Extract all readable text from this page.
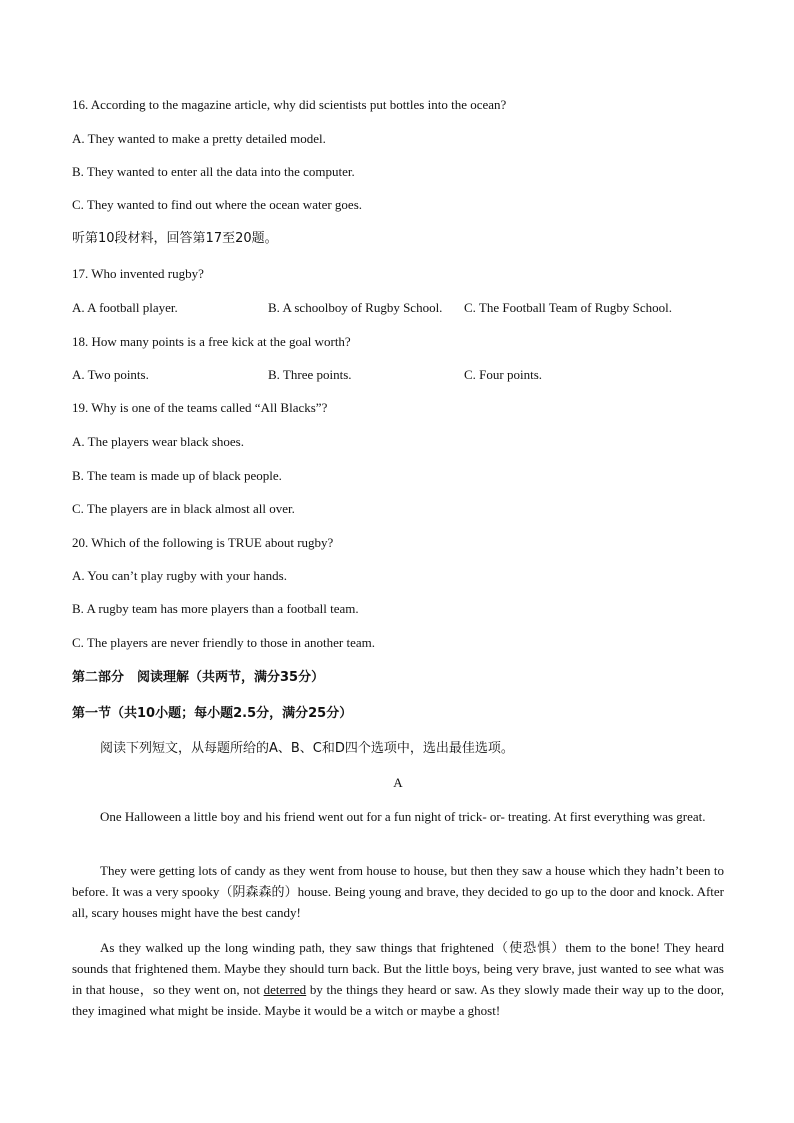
16. According to the magazine article, why did scientists put bottles into the ocean?
A. They wanted to make a pretty detailed model.
B. They wanted to enter all the data into the computer.
C. They wanted to find out where the ocean water goes.
听第10段材料，回答第17至20题。
17. Who invented rugby?
A. A football player.	B. A schoolboy of Rugby School. C. The Football Team of Rugby School.
18. How many points is a free kick at the goal worth?
A. Two points.	B. Three points.	C. Four points.
19. Why is one of the teams called “All Blacks”?
A. The players wear black shoes.
B. The team is made up of black people.
C. The players are in black almost all over.
20. Which of the following is TRUE about rugby?
A. You can’t play rugby with your hands.
B. A rugby team has more players than a football team.
C. The players are never friendly to those in another team.
第二部分　阅读理解（共两节，满分35分）
第一节（共10小题；每小题2.5分，满分25分）
阅读下列短文，从每题所给的A、B、C和D四个选项中，选出最佳选项。
A
One Halloween a little boy and his friend went out for a fun night of trick- or- treating. At first everything was great.
They were getting lots of candy as they went from house to house, but then they saw a house which they hadn’t been to before. It was a very spooky（阴森森的）house. Being young and brave, they decided to go up to the door and knock. After all, scary houses might have the best candy!
As they walked up the long winding path, they saw things that frightened（使恐惧）them to the bone! They heard sounds that frightened them. Maybe they should turn back. But the little boys, being very brave, just wanted to see what was in that house，so they went on, not deterred by the things they heard or saw. As they slowly made their way up to the door, they imagined what might be inside. Maybe it would be a witch or maybe a ghost!
